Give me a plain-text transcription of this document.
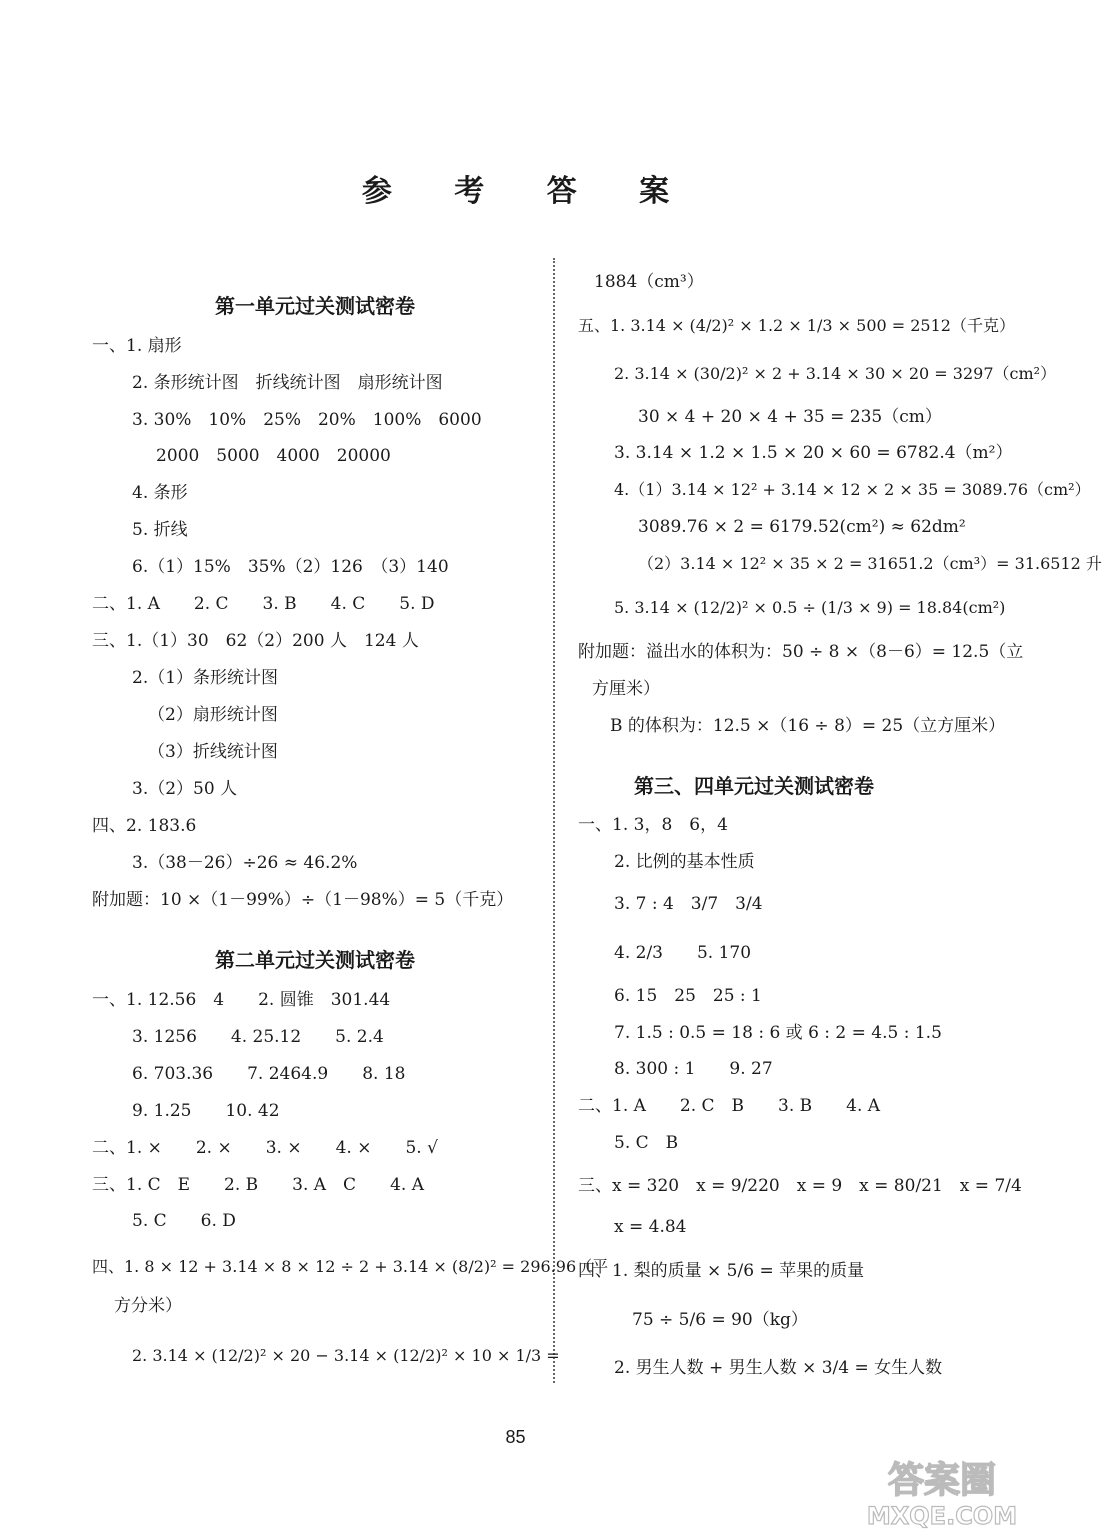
参 考 答 案
第一单元过关测试密卷
一、1. 扇形
2. 条形统计图　折线统计图　扇形统计图
3. 30%　10%　25%　20%　100%　6000
2000　5000　4000　20000
4. 条形
5. 折线
6.（1）15%　35%（2）126　（3）140
二、1. A　　2. C　　3. B　　4. C　　5. D
三、1.（1）30　62（2）200 人　124 人
2.（1）条形统计图
（2）扇形统计图
（3）折线统计图
3.（2）50 人
四、2. 183.6
3.（38－26）÷26 ≈ 46.2%
附加题：10 ×（1－99%）÷（1－98%）= 5（千克）
第二单元过关测试密卷
一、1. 12.56　4　　2. 圆锥　301.44
3. 1256　　4. 25.12　　5. 2.4
6. 703.36　　7. 2464.9　　8. 18
9. 1.25　　10. 42
二、1. ×　　2. ×　　3. ×　　4. ×　　5. √
三、1. C　E　　2. B　　3. A　C　　4. A
5. C　　6. D
四、1. 8 × 12 + 3.14 × 8 × 12 ÷ 2 + 3.14 × (8/2)² = 296.96（平
方分米）
2. 3.14 × (12/2)² × 20 − 3.14 × (12/2)² × 10 × 1/3 =
1884（cm³）
五、1. 3.14 × (4/2)² × 1.2 × 1/3 × 500 = 2512（千克）
2. 3.14 × (30/2)² × 2 + 3.14 × 30 × 20 = 3297（cm²）
30 × 4 + 20 × 4 + 35 = 235（cm）
3. 3.14 × 1.2 × 1.5 × 20 × 60 = 6782.4（m²）
4.（1）3.14 × 12² + 3.14 × 12 × 2 × 35 = 3089.76（cm²）
3089.76 × 2 = 6179.52(cm²) ≈ 62dm²
（2）3.14 × 12² × 35 × 2 = 31651.2（cm³）= 31.6512 升
5. 3.14 × (12/2)² × 0.5 ÷ (1/3 × 9) = 18.84(cm²)
附加题：溢出水的体积为：50 ÷ 8 ×（8－6）= 12.5（立
方厘米）
B 的体积为：12.5 ×（16 ÷ 8）= 25（立方厘米）
第三、四单元过关测试密卷
一、1. 3，8　6，4
2. 比例的基本性质
3. 7 : 4　3/7　3/4
4. 2/3　　5. 170
6. 15　25　25 : 1
7. 1.5 : 0.5 = 18 : 6 或 6 : 2 = 4.5 : 1.5
8. 300 : 1　　9. 27
二、1. A　　2. C　B　　3. B　　4. A
5. C　B
三、x = 320　x = 9/220　x = 9　x = 80/21　x = 7/4
x = 4.84
四、1. 梨的质量 × 5/6 = 苹果的质量
75 ÷ 5/6 = 90（kg）
2. 男生人数 + 男生人数 × 3/4 = 女生人数
85
答案圈
MXQE.COM
